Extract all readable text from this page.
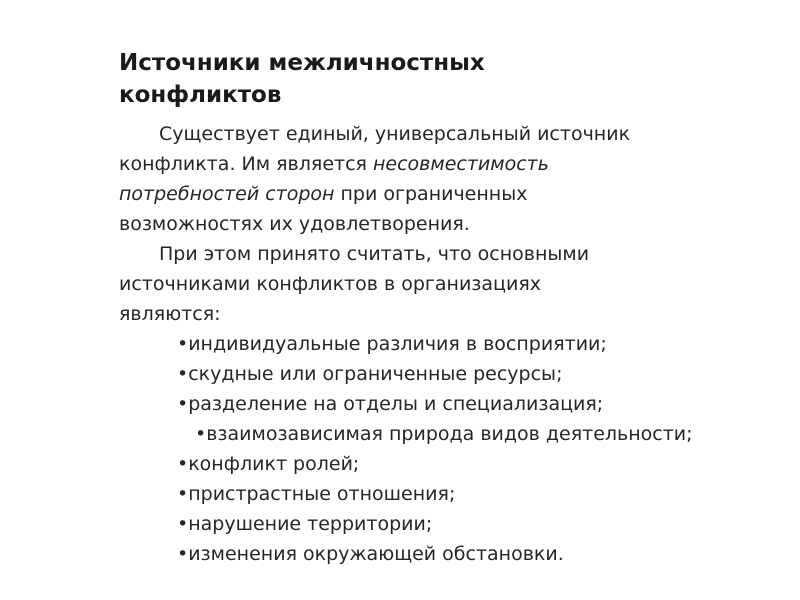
Источники межличностных
конфликтов

Существует единый, универсальный источник
конфликта. Им является несовместимость
потребностей сторон при ограниченных
возможностях их удовлетворения.

При этом принято считать, что основными
источниками конфликтов в организациях
являются:

•индивидуальные различия в восприятии;
•скудные или ограниченные ресурсы;
•разделение на отделы и специализация;
•взаимозависимая природа видов деятельности;
•конфликт ролей;
•пристрастные отношения;
•нарушение территории;
•изменения окружающей обстановки.
